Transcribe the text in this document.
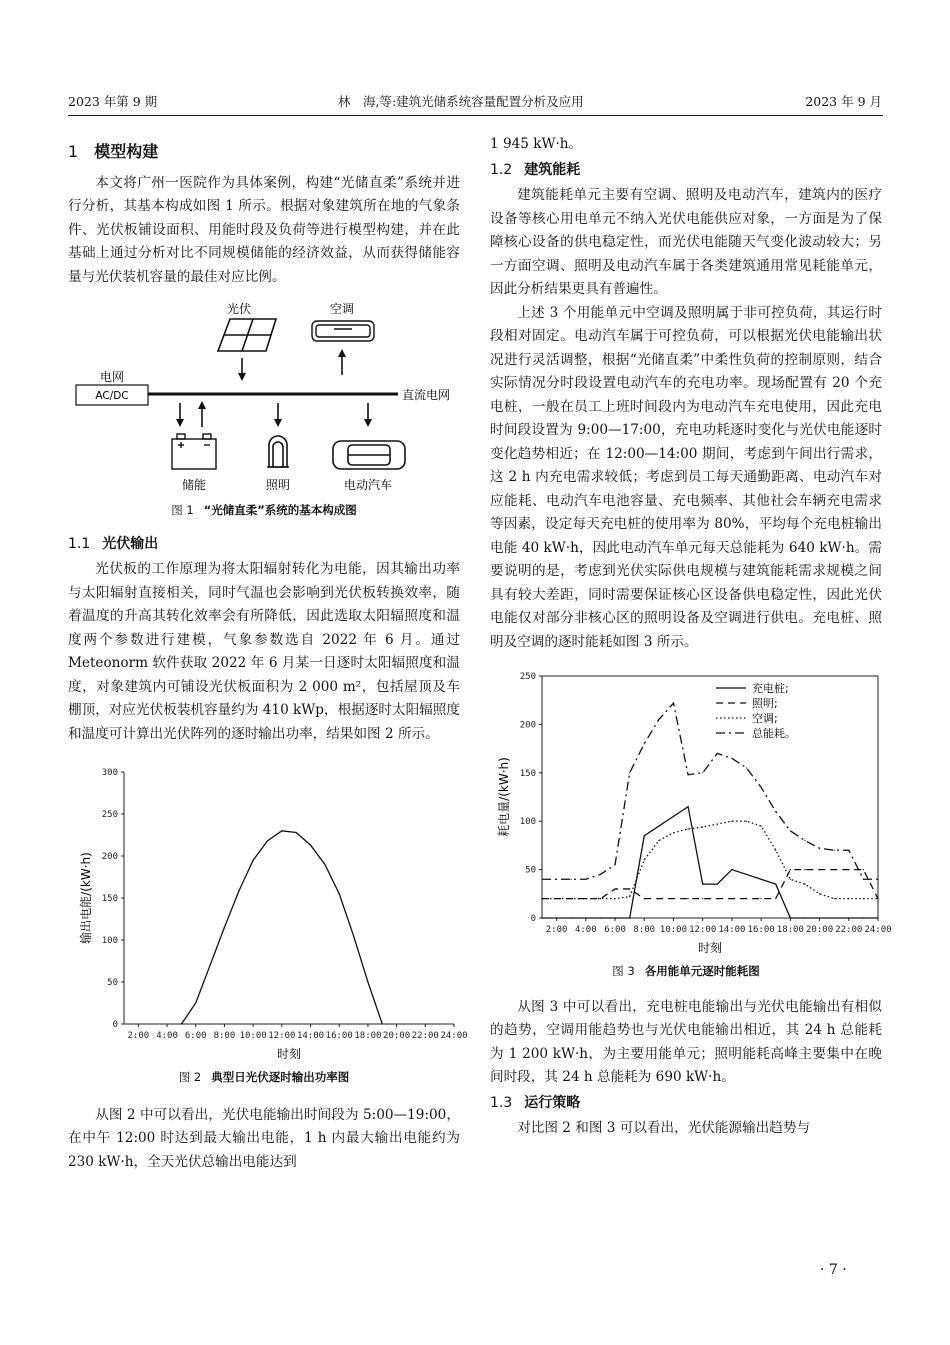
2023 年第 9 期	林　海,等:建筑光储系统容量配置分析及应用	2023 年 9 月
1 模型构建

本文将广州一医院作为具体案例，构建“光储直柔”系统并进行分析，其基本构成如图 1 所示。根据对象建筑所在地的气象条件、光伏板铺设面积、用能时段及负荷等进行模型构建，并在此基础上通过分析对比不同规模储能的经济效益，从而获得储能容量与光伏装机容量的最佳对应比例。

光伏	空调
电网
AC/DC	直流电网
储能	照明	电动汽车
图 1 “光储直柔”系统的基本构成图
1.1 光伏输出

光伏板的工作原理为将太阳辐射转化为电能，因其输出功率与太阳辐射直接相关，同时气温也会影响到光伏板转换效率，随着温度的升高其转化效率会有所降低，因此选取太阳辐照度和温度两个参数进行建模，气象参数选自 2022 年 6 月。通过 Meteonorm 软件获取 2022 年 6 月某一日逐时太阳辐照度和温度，对象建筑内可铺设光伏板面积为 2 000 m²，包括屋顶及车棚顶，对应光伏板装机容量约为 410 kWp，根据逐时太阳辐照度和温度可计算出光伏阵列的逐时输出功率，结果如图 2 所示。

0
50
100
150
200
250
300
2:00 4:00 6:00 8:00 10:00 12:00 14:00 16:00 18:00 20:00 22:00 24:00
时刻
输出电能/(kW·h)
图 2 典型日光伏逐时输出功率图

从图 2 中可以看出，光伏电能输出时间段为 5:00—19:00，在中午 12:00 时达到最大输出电能，1 h 内最大输出电能约为 230 kW·h，全天光伏总输出电能达到

1 945 kW·h。

1.2 建筑能耗

建筑能耗单元主要有空调、照明及电动汽车，建筑内的医疗设备等核心用电单元不纳入光伏电能供应对象，一方面是为了保障核心设备的供电稳定性，而光伏电能随天气变化波动较大；另一方面空调、照明及电动汽车属于各类建筑通用常见耗能单元，因此分析结果更具有普遍性。

上述 3 个用能单元中空调及照明属于非可控负荷，其运行时段相对固定。电动汽车属于可控负荷，可以根据光伏电能输出状况进行灵活调整，根据“光储直柔”中柔性负荷的控制原则，结合实际情况分时段设置电动汽车的充电功率。现场配置有 20 个充电桩，一般在员工上班时间段内为电动汽车充电使用，因此充电时间段设置为 9:00—17:00，充电功耗逐时变化与光伏电能逐时变化趋势相近；在 12:00—14:00 期间，考虑到午间出行需求，这 2 h 内充电需求较低；考虑到员工每天通勤距离、电动汽车对应能耗、电动汽车电池容量、充电频率、其他社会车辆充电需求等因素，设定每天充电桩的使用率为 80%，平均每个充电桩输出电能 40 kW·h，因此电动汽车单元每天总能耗为 640 kW·h。需要说明的是，考虑到光伏实际供电规模与建筑能耗需求规模之间具有较大差距，同时需要保证核心区设备供电稳定性，因此光伏电能仅对部分非核心区的照明设备及空调进行供电。充电桩、照明及空调的逐时能耗如图 3 所示。

0
50
100
150
200
250
2:00 4:00 6:00 8:00 10:00 12:00 14:00 16:00 18:00 20:00 22:00 24:00
时刻
耗电量/(kW·h)
充电桩;
照明;
空调;
总能耗。
图 3 各用能单元逐时能耗图

从图 3 中可以看出，充电桩电能输出与光伏电能输出有相似的趋势，空调用能趋势也与光伏电能输出相近，其 24 h 总能耗为 1 200 kW·h，为主要用能单元；照明能耗高峰主要集中在晚间时段，其 24 h 总能耗为 690 kW·h。

1.3 运行策略

对比图 2 和图 3 可以看出，光伏能源输出趋势与

· 7 ·
